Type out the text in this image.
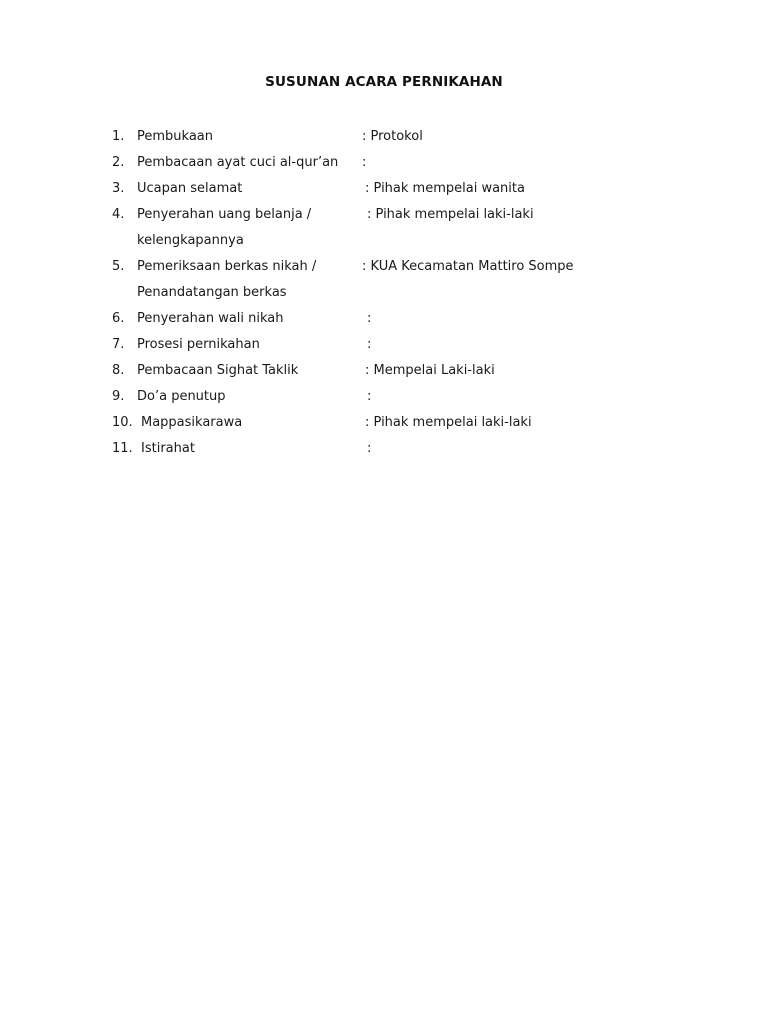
SUSUNAN ACARA PERNIKAHAN
1. Pembukaan	: Protokol
2. Pembacaan ayat cuci al-qur’an :
3. Ucapan selamat	: Pihak mempelai wanita
4. Penyerahan uang belanja /	: Pihak mempelai laki-laki
kelengkapannya
5. Pemeriksaan berkas nikah /	: KUA Kecamatan Mattiro Sompe
Penandatangan berkas
6. Penyerahan wali nikah	:
7. Prosesi pernikahan	:
8. Pembacaan Sighat Taklik	: Mempelai Laki-laki
9. Do’a penutup	:
10. Mappasikarawa	: Pihak mempelai laki-laki
11. Istirahat	:
